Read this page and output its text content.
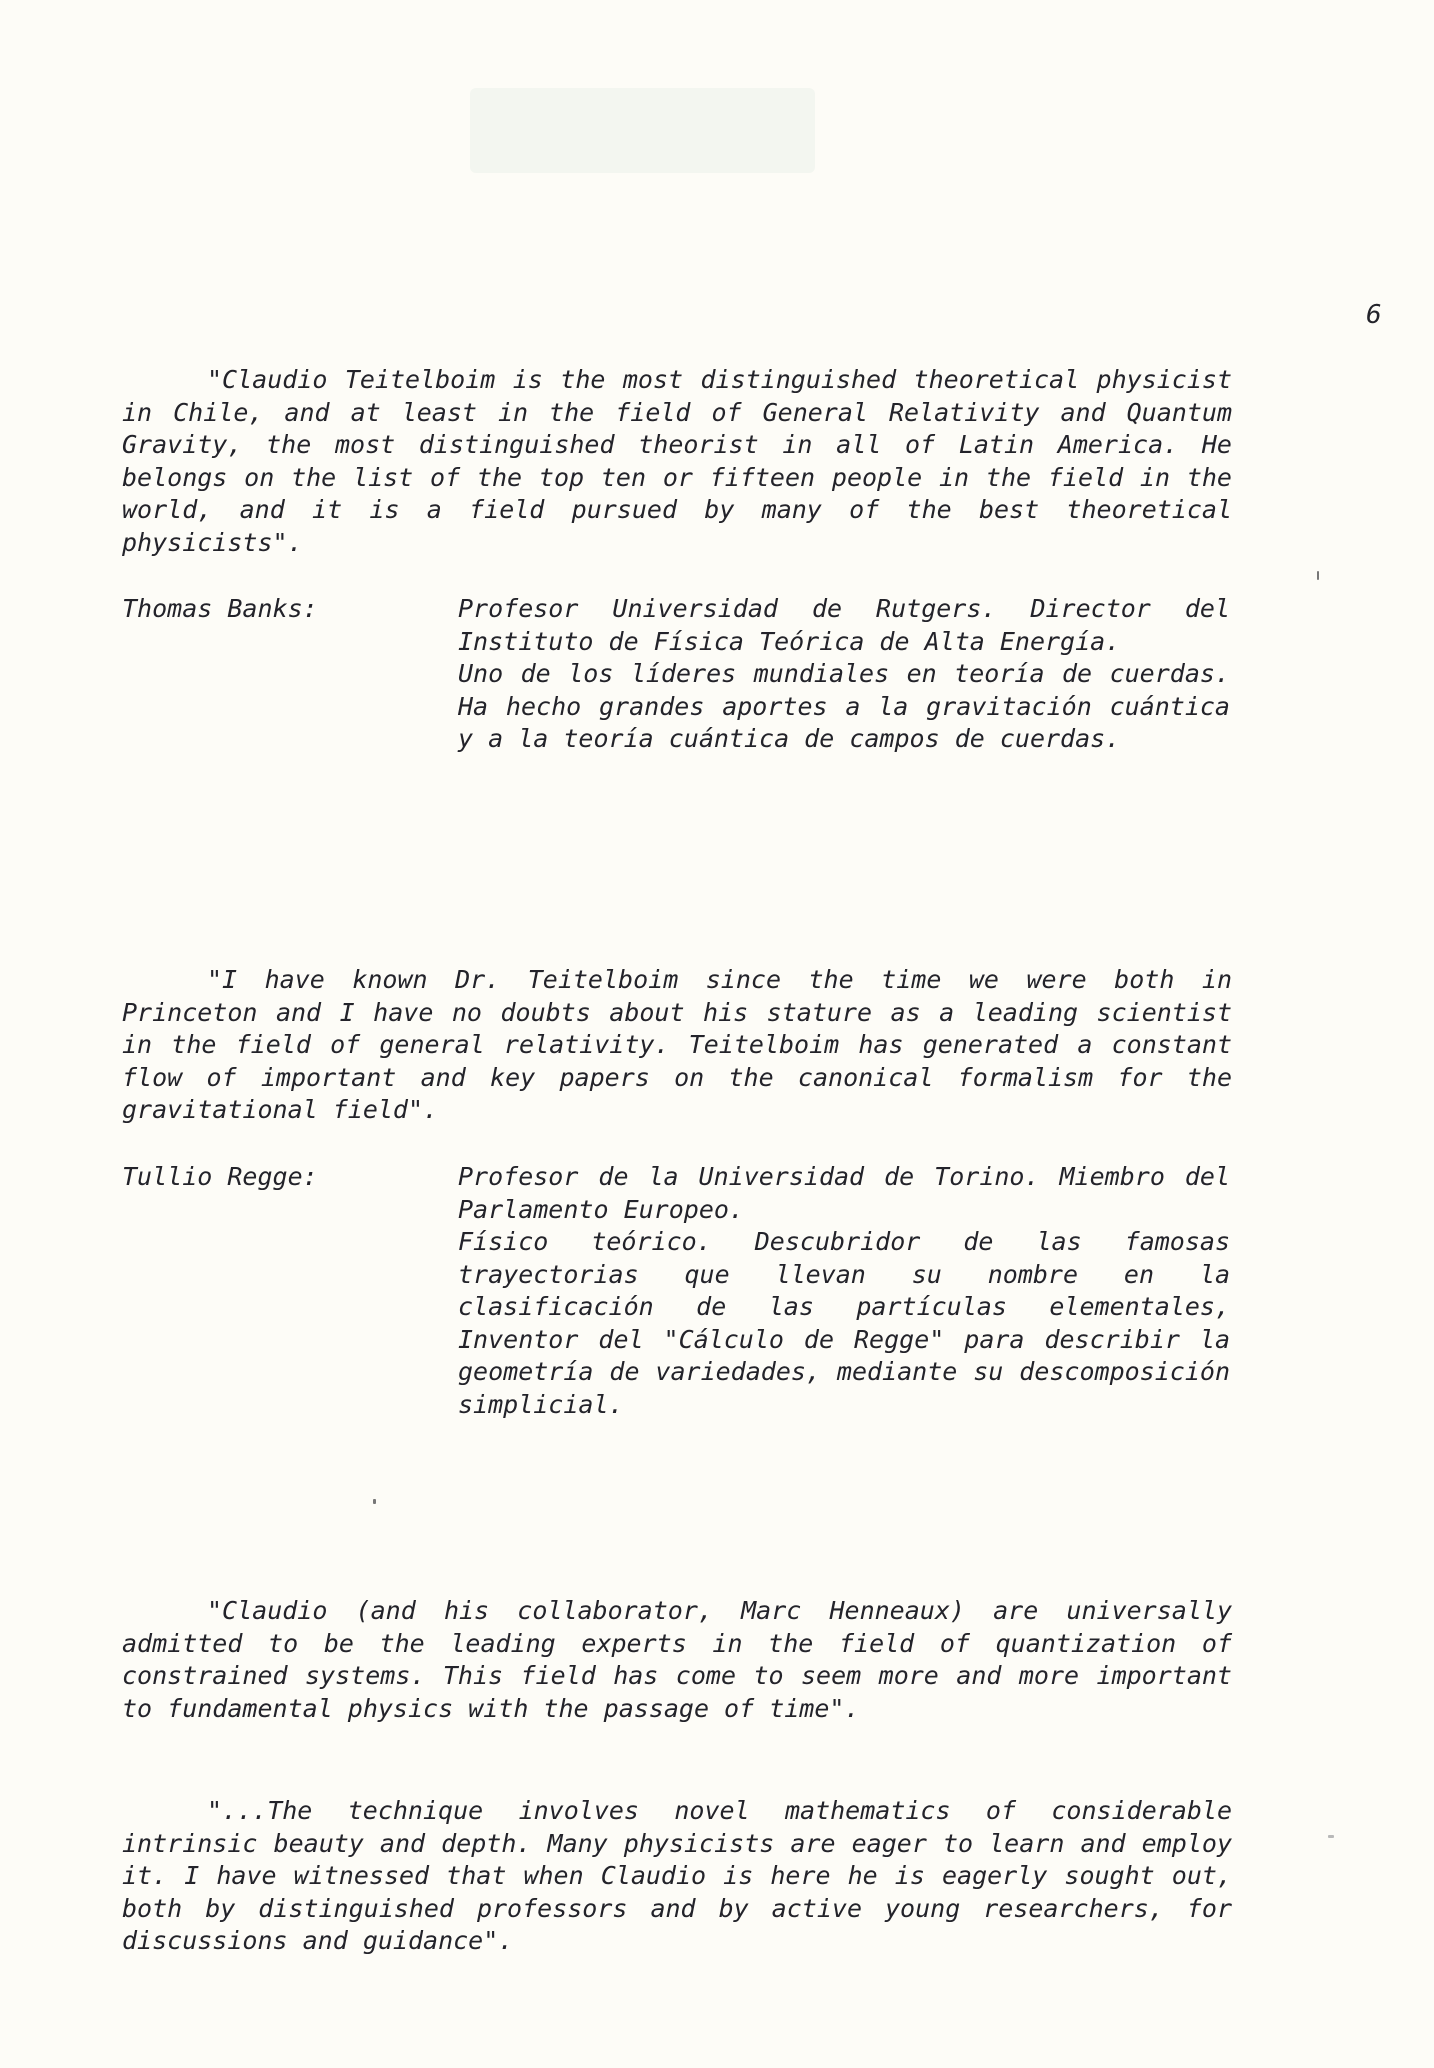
6

"Claudio Teitelboim is the most distinguished theoretical physicist in Chile, and at least in the field of General Relativity and Quantum Gravity, the most distinguished theorist in all of Latin America. He belongs on the list of the top ten or fifteen people in the field in the world, and it is a field pursued by many of the best theoretical physicists".

Thomas Banks:	Profesor Universidad de Rutgers. Director del Instituto de Física Teórica de Alta Energía.
Uno de los líderes mundiales en teoría de cuerdas. Ha hecho grandes aportes a la gravitación cuántica y a la teoría cuántica de campos de cuerdas.

"I have known Dr. Teitelboim since the time we were both in Princeton and I have no doubts about his stature as a leading scientist in the field of general relativity. Teitelboim has generated a constant flow of important and key papers on the canonical formalism for the gravitational field".

Tullio Regge:	Profesor de la Universidad de Torino. Miembro del Parlamento Europeo.
Físico teórico. Descubridor de las famosas trayectorias que llevan su nombre en la clasificación de las partículas elementales, Inventor del "Cálculo de Regge" para describir la geometría de variedades, mediante su descomposición simplicial.

"Claudio (and his collaborator, Marc Henneaux) are universally admitted to be the leading experts in the field of quantization of constrained systems. This field has come to seem more and more important to fundamental physics with the passage of time".

"...The technique involves novel mathematics of considerable intrinsic beauty and depth. Many physicists are eager to learn and employ it. I have witnessed that when Claudio is here he is eagerly sought out, both by distinguished professors and by active young researchers, for discussions and guidance".
